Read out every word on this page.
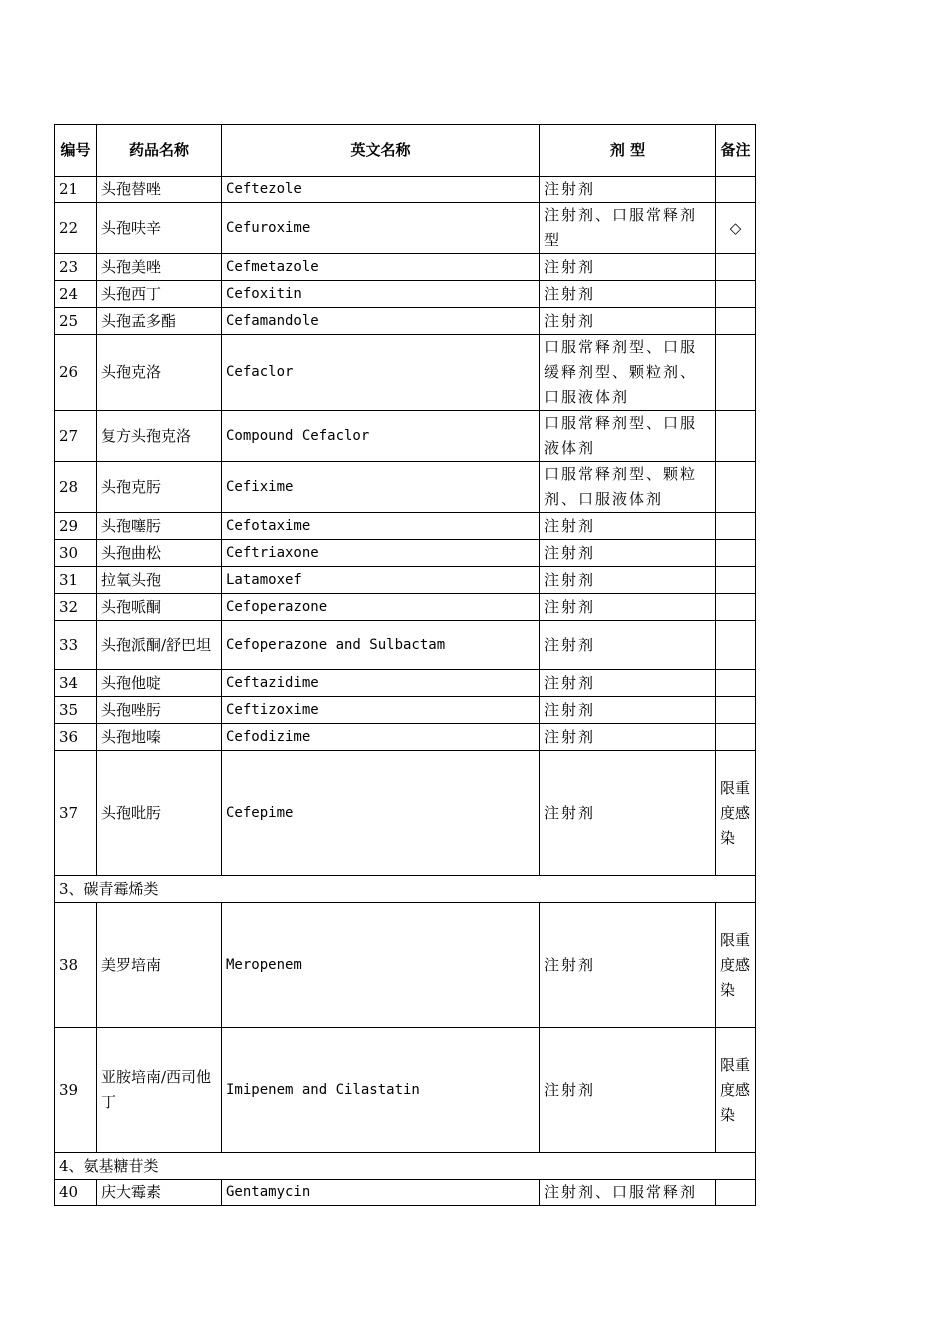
编号	药品名称	英文名称	剂 型	备注
21	头孢替唑	Ceftezole	注射剂	
22	头孢呋辛	Cefuroxime	注射剂、口服常释剂型	◇
23	头孢美唑	Cefmetazole	注射剂	
24	头孢西丁	Cefoxitin	注射剂	
25	头孢孟多酯	Cefamandole	注射剂	
26	头孢克洛	Cefaclor	口服常释剂型、口服缓释剂型、颗粒剂、口服液体剂	
27	复方头孢克洛	Compound Cefaclor	口服常释剂型、口服液体剂	
28	头孢克肟	Cefixime	口服常释剂型、颗粒剂、口服液体剂	
29	头孢噻肟	Cefotaxime	注射剂	
30	头孢曲松	Ceftriaxone	注射剂	
31	拉氧头孢	Latamoxef	注射剂	
32	头孢哌酮	Cefoperazone	注射剂	
33	头孢派酮/舒巴坦	Cefoperazone and Sulbactam	注射剂	
34	头孢他啶	Ceftazidime	注射剂	
35	头孢唑肟	Ceftizoxime	注射剂	
36	头孢地嗪	Cefodizime	注射剂	
37	头孢吡肟	Cefepime	注射剂	限重度感染
3、碳青霉烯类				
38	美罗培南	Meropenem	注射剂	限重度感染
39	亚胺培南/西司他丁	Imipenem and Cilastatin	注射剂	限重度感染
4、氨基糖苷类				
40	庆大霉素	Gentamycin	注射剂、口服常释剂	
